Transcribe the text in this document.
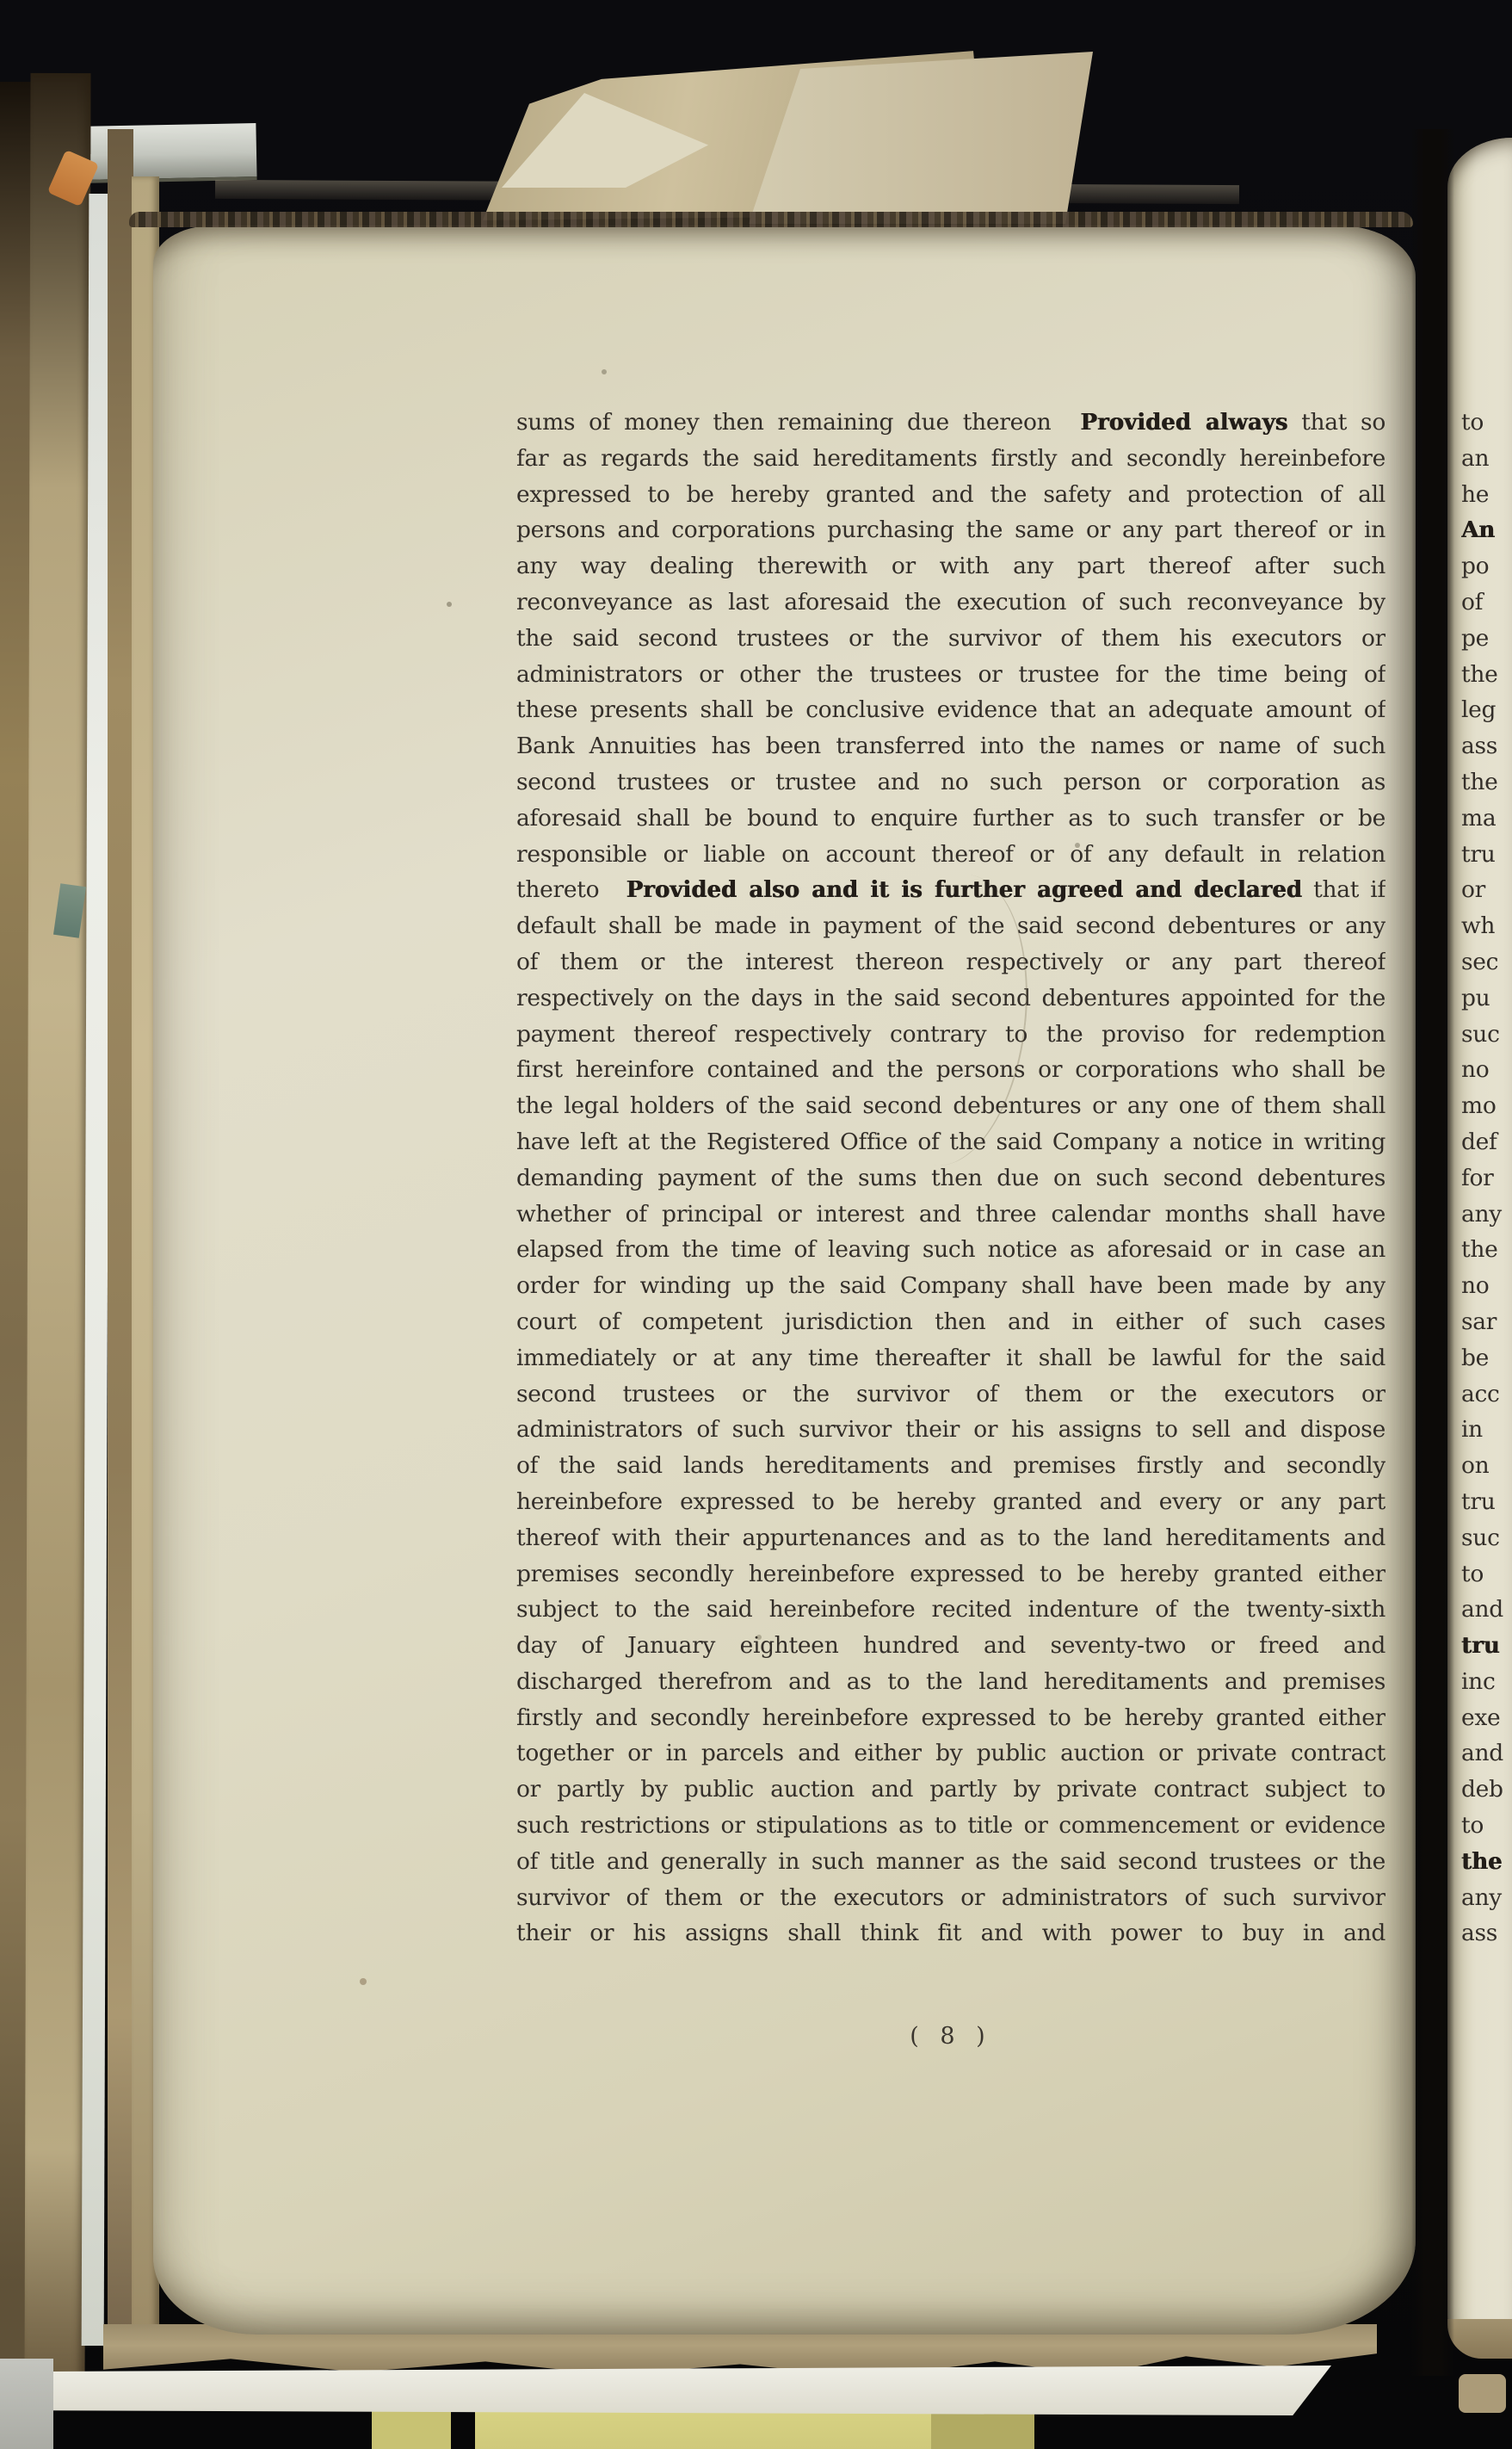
sums of money then remaining due thereon Provided always that so
far as regards the said hereditaments firstly and secondly hereinbefore
expressed to be hereby granted and the safety and protection of all
persons and corporations purchasing the same or any part thereof or in
any way dealing therewith or with any part thereof after such
reconveyance as last aforesaid the execution of such reconveyance by
the said second trustees or the survivor of them his executors or
administrators or other the trustees or trustee for the time being of
these presents shall be conclusive evidence that an adequate amount of
Bank Annuities has been transferred into the names or name of such
second trustees or trustee and no such person or corporation as
aforesaid shall be bound to enquire further as to such transfer or be
responsible or liable on account thereof or of any default in relation
thereto Provided also and it is further agreed and declared that if
default shall be made in payment of the said second debentures or any
of them or the interest thereon respectively or any part thereof
respectively on the days in the said second debentures appointed for the
payment thereof respectively contrary to the proviso for redemption
first hereinfore contained and the persons or corporations who shall be
the legal holders of the said second debentures or any one of them shall
have left at the Registered Office of the said Company a notice in writing
demanding payment of the sums then due on such second debentures
whether of principal or interest and three calendar months shall have
elapsed from the time of leaving such notice as aforesaid or in case an
order for winding up the said Company shall have been made by any
court of competent jurisdiction then and in either of such cases
immediately or at any time thereafter it shall be lawful for the said
second trustees or the survivor of them or the executors or
administrators of such survivor their or his assigns to sell and dispose
of the said lands hereditaments and premises firstly and secondly
hereinbefore expressed to be hereby granted and every or any part
thereof with their appurtenances and as to the land hereditaments and
premises secondly hereinbefore expressed to be hereby granted either
subject to the said hereinbefore recited indenture of the twenty-sixth
day of January eighteen hundred and seventy-two or freed and
discharged therefrom and as to the land hereditaments and premises
firstly and secondly hereinbefore expressed to be hereby granted either
together or in parcels and either by public auction or private contract
or partly by public auction and partly by private contract subject to
such restrictions or stipulations as to title or commencement or evidence
of title and generally in such manner as the said second trustees or the
survivor of them or the executors or administrators of such survivor
their or his assigns shall think fit and with power to buy in and
( 8 )
to
an
he
An
po
of
pe
the
leg
ass
the
ma
tru
or
wh
sec
pu
suc
no
mo
def
for
any
the
no
sar
be
acc
in
on
tru
suc
to
and
tru
inc
exe
and
deb
to
the
any
ass
